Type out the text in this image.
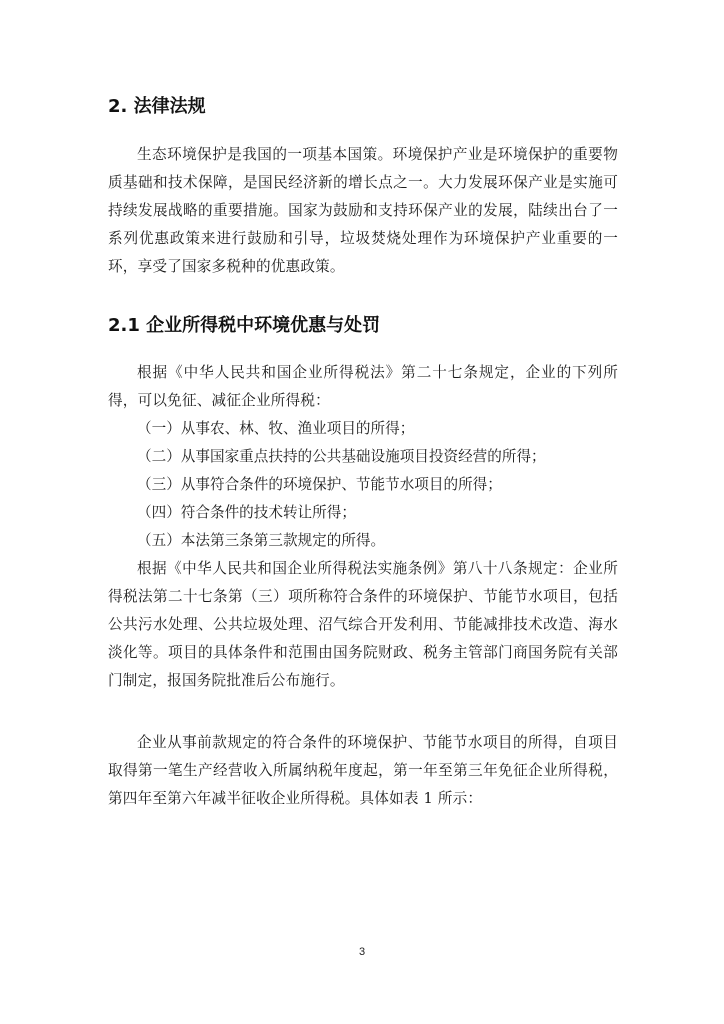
2. 法律法规

生态环境保护是我国的一项基本国策。环境保护产业是环境保护的重要物质基础和技术保障，是国民经济新的增长点之一。大力发展环保产业是实施可持续发展战略的重要措施。国家为鼓励和支持环保产业的发展，陆续出台了一系列优惠政策来进行鼓励和引导，垃圾焚烧处理作为环境保护产业重要的一环，享受了国家多税种的优惠政策。

2.1 企业所得税中环境优惠与处罚

根据《中华人民共和国企业所得税法》第二十七条规定，企业的下列所得，可以免征、减征企业所得税：

（一）从事农、林、牧、渔业项目的所得；
（二）从事国家重点扶持的公共基础设施项目投资经营的所得；
（三）从事符合条件的环境保护、节能节水项目的所得；
（四）符合条件的技术转让所得；
（五）本法第三条第三款规定的所得。

根据《中华人民共和国企业所得税法实施条例》第八十八条规定：企业所得税法第二十七条第（三）项所称符合条件的环境保护、节能节水项目，包括公共污水处理、公共垃圾处理、沼气综合开发利用、节能减排技术改造、海水淡化等。项目的具体条件和范围由国务院财政、税务主管部门商国务院有关部门制定，报国务院批准后公布施行。

企业从事前款规定的符合条件的环境保护、节能节水项目的所得，自项目取得第一笔生产经营收入所属纳税年度起，第一年至第三年免征企业所得税，第四年至第六年减半征收企业所得税。具体如表 1 所示：

3
